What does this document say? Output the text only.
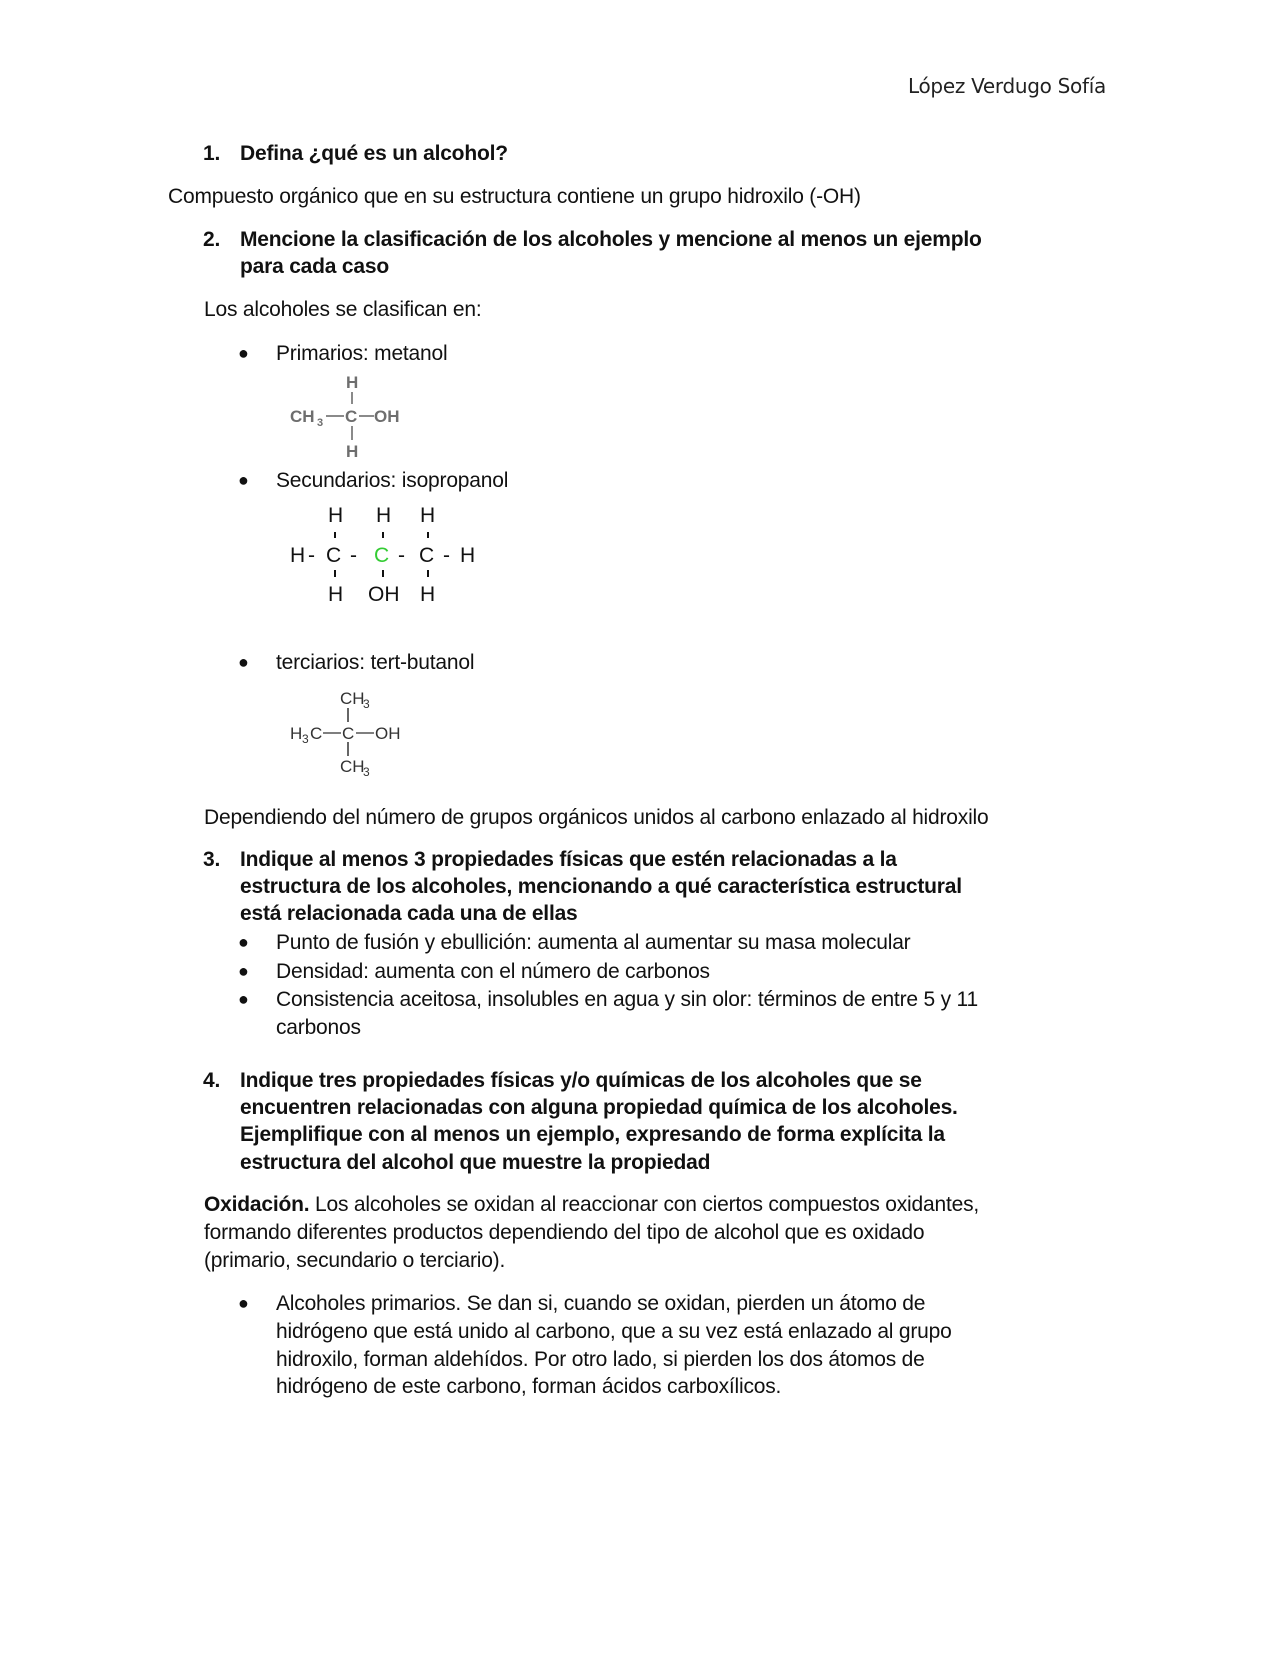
López Verdugo Sofía
1. Defina ¿qué es un alcohol?
Compuesto orgánico que en su estructura contiene un grupo hidroxilo (-OH)
2. Mencione la clasificación de los alcoholes y mencione al menos un ejemplo
para cada caso
Los alcoholes se clasifican en:
● Primarios: metanol
H
CH 3 C OH
H
● Secundarios: isopropanol
H H H
H - C - C - C - H
H OH H
● terciarios: tert-butanol
CH
3
H 3 C C OH
CH
3
Dependiendo del número de grupos orgánicos unidos al carbono enlazado al hidroxilo
3. Indique al menos 3 propiedades físicas que estén relacionadas a la
estructura de los alcoholes, mencionando a qué característica estructural
está relacionada cada una de ellas
● Punto de fusión y ebullición: aumenta al aumentar su masa molecular
● Densidad: aumenta con el número de carbonos
● Consistencia aceitosa, insolubles en agua y sin olor: términos de entre 5 y 11
carbonos
4. Indique tres propiedades físicas y/o químicas de los alcoholes que se
encuentren relacionadas con alguna propiedad química de los alcoholes.
Ejemplifique con al menos un ejemplo, expresando de forma explícita la
estructura del alcohol que muestre la propiedad
Oxidación. Los alcoholes se oxidan al reaccionar con ciertos compuestos oxidantes,
formando diferentes productos dependiendo del tipo de alcohol que es oxidado
(primario, secundario o terciario).
● Alcoholes primarios. Se dan si, cuando se oxidan, pierden un átomo de
hidrógeno que está unido al carbono, que a su vez está enlazado al grupo
hidroxilo, forman aldehídos. Por otro lado, si pierden los dos átomos de
hidrógeno de este carbono, forman ácidos carboxílicos.
